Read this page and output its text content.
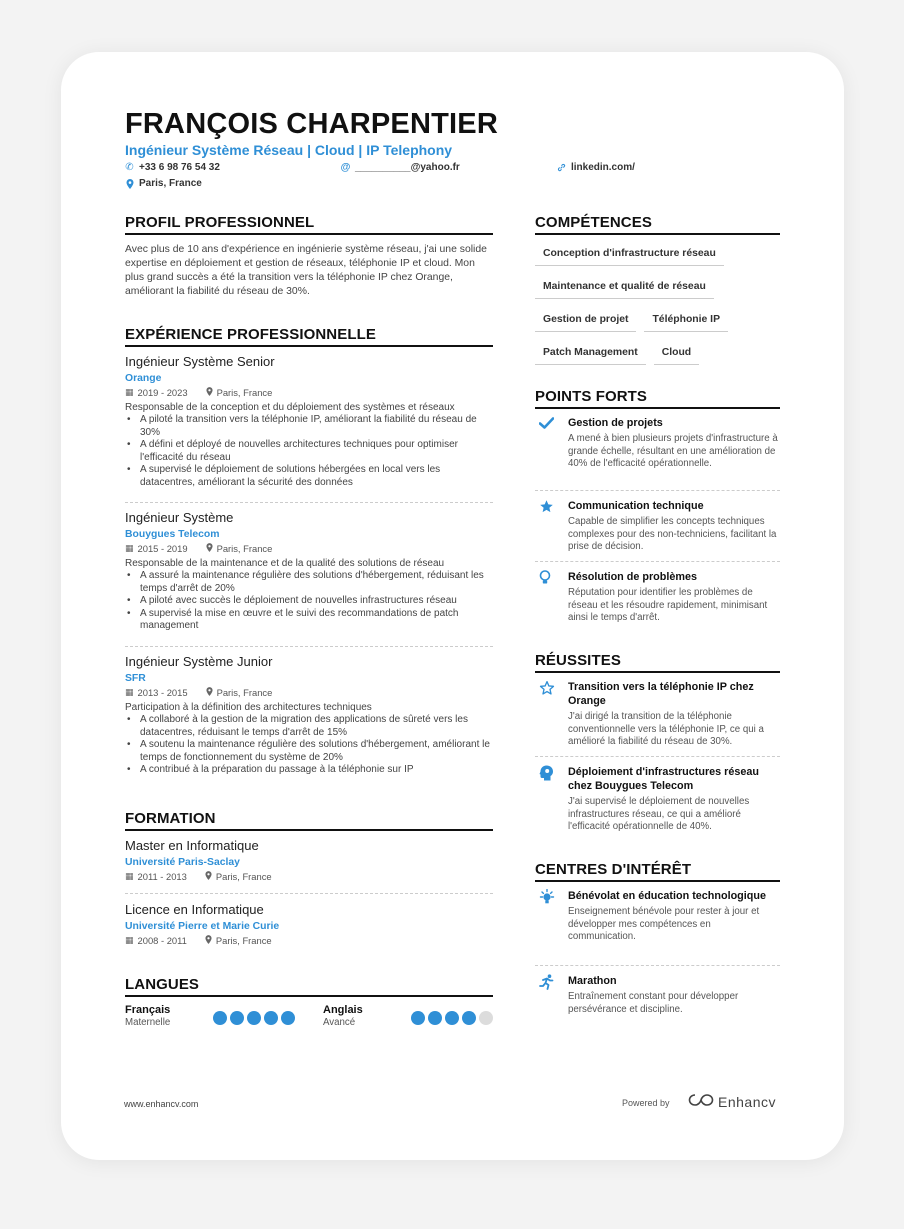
FRANÇOIS CHARPENTIER
Ingénieur Système Réseau | Cloud | IP Telephony
✆ +33 6 98 76 54 32	@ __________@yahoo.fr	linkedin.com/
Paris, France
PROFIL PROFESSIONNEL
Avec plus de 10 ans d'expérience en ingénierie système réseau, j'ai une solide expertise en déploiement et gestion de réseaux, téléphonie IP et cloud. Mon plus grand succès a été la transition vers la téléphonie IP chez Orange, améliorant la fiabilité du réseau de 30%.
EXPÉRIENCE PROFESSIONNELLE
Ingénieur Système Senior
Orange
▦ 2019 - 2023	Paris, France
Responsable de la conception et du déploiement des systèmes et réseaux
• A piloté la transition vers la téléphonie IP, améliorant la fiabilité du réseau de 30%
• A défini et déployé de nouvelles architectures techniques pour optimiser l'efficacité du réseau
• A supervisé le déploiement de solutions hébergées en local vers les datacentres, améliorant la sécurité des données
Ingénieur Système
Bouygues Telecom
▦ 2015 - 2019	Paris, France
Responsable de la maintenance et de la qualité des solutions de réseau
• A assuré la maintenance régulière des solutions d'hébergement, réduisant les temps d'arrêt de 20%
• A piloté avec succès le déploiement de nouvelles infrastructures réseau
• A supervisé la mise en œuvre et le suivi des recommandations de patch management
Ingénieur Système Junior
SFR
▦ 2013 - 2015	Paris, France
Participation à la définition des architectures techniques
• A collaboré à la gestion de la migration des applications de sûreté vers les datacentres, réduisant le temps d'arrêt de 15%
• A soutenu la maintenance régulière des solutions d'hébergement, améliorant le temps de fonctionnement du système de 20%
• A contribué à la préparation du passage à la téléphonie sur IP
FORMATION
Master en Informatique
Université Paris-Saclay
▦ 2011 - 2013	Paris, France
Licence en Informatique
Université Pierre et Marie Curie
▦ 2008 - 2011	Paris, France
LANGUES
Français
Maternelle
Anglais
Avancé
COMPÉTENCES
Conception d'infrastructure réseau
Maintenance et qualité de réseau
Gestion de projet	Téléphonie IP
Patch Management	Cloud
POINTS FORTS
Gestion de projets
A mené à bien plusieurs projets d'infrastructure à grande échelle, résultant en une amélioration de 40% de l'efficacité opérationnelle.
Communication technique
Capable de simplifier les concepts techniques complexes pour des non-techniciens, facilitant la prise de décision.
Résolution de problèmes
Réputation pour identifier les problèmes de réseau et les résoudre rapidement, minimisant ainsi le temps d'arrêt.
RÉUSSITES
Transition vers la téléphonie IP chez Orange
J'ai dirigé la transition de la téléphonie conventionnelle vers la téléphonie IP, ce qui a amélioré la fiabilité du réseau de 30%.
Déploiement d'infrastructures réseau chez Bouygues Telecom
J'ai supervisé le déploiement de nouvelles infrastructures réseau, ce qui a amélioré l'efficacité opérationnelle de 40%.
CENTRES D'INTÉRÊT
Bénévolat en éducation technologique
Enseignement bénévole pour rester à jour et développer mes compétences en communication.
Marathon
Entraînement constant pour développer persévérance et discipline.
www.enhancv.com	Powered by	Enhancv
